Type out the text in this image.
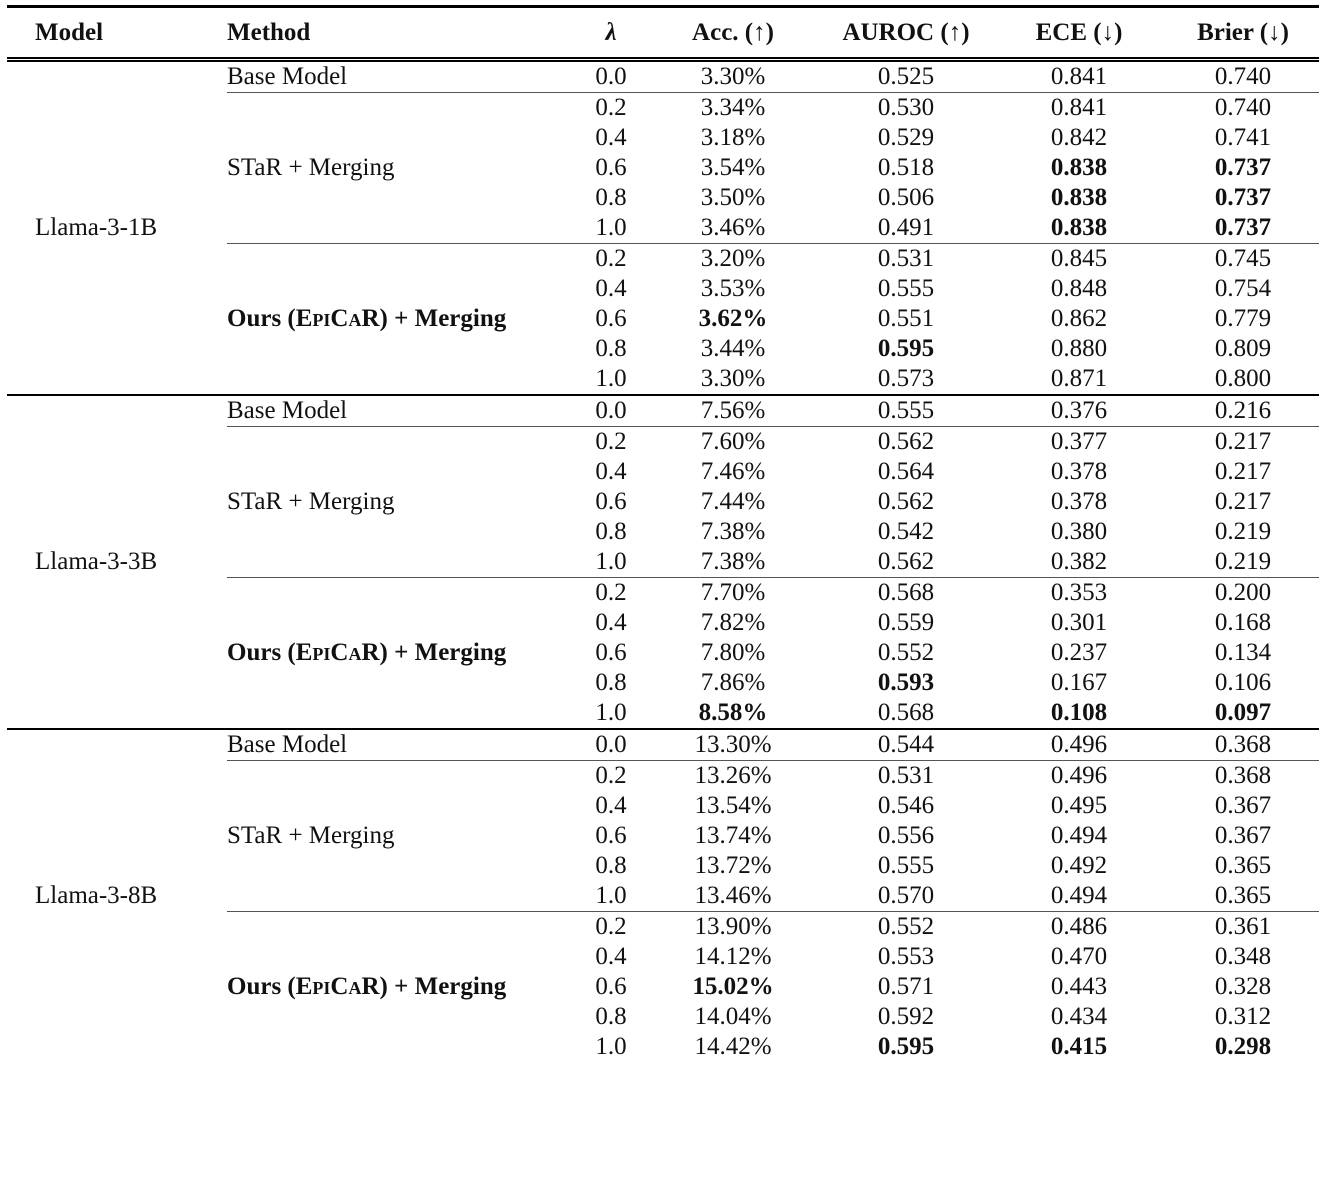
Model	Method	λ	Acc. (↑)	AUROC (↑)	ECE (↓)	Brier (↓)
Llama-3-1B	Base Model	0.0	3.30%	0.525	0.841	0.740
	STaR + Merging	0.2	3.34%	0.530	0.841	0.740
		0.4	3.18%	0.529	0.842	0.741
		0.6	3.54%	0.518	0.838	0.737
		0.8	3.50%	0.506	0.838	0.737
		1.0	3.46%	0.491	0.838	0.737
	Ours (EpiCaR) + Merging	0.2	3.20%	0.531	0.845	0.745
		0.4	3.53%	0.555	0.848	0.754
		0.6	3.62%	0.551	0.862	0.779
		0.8	3.44%	0.595	0.880	0.809
		1.0	3.30%	0.573	0.871	0.800
Llama-3-3B	Base Model	0.0	7.56%	0.555	0.376	0.216
	STaR + Merging	0.2	7.60%	0.562	0.377	0.217
		0.4	7.46%	0.564	0.378	0.217
		0.6	7.44%	0.562	0.378	0.217
		0.8	7.38%	0.542	0.380	0.219
		1.0	7.38%	0.562	0.382	0.219
	Ours (EpiCaR) + Merging	0.2	7.70%	0.568	0.353	0.200
		0.4	7.82%	0.559	0.301	0.168
		0.6	7.80%	0.552	0.237	0.134
		0.8	7.86%	0.593	0.167	0.106
		1.0	8.58%	0.568	0.108	0.097
Llama-3-8B	Base Model	0.0	13.30%	0.544	0.496	0.368
	STaR + Merging	0.2	13.26%	0.531	0.496	0.368
		0.4	13.54%	0.546	0.495	0.367
		0.6	13.74%	0.556	0.494	0.367
		0.8	13.72%	0.555	0.492	0.365
		1.0	13.46%	0.570	0.494	0.365
	Ours (EpiCaR) + Merging	0.2	13.90%	0.552	0.486	0.361
		0.4	14.12%	0.553	0.470	0.348
		0.6	15.02%	0.571	0.443	0.328
		0.8	14.04%	0.592	0.434	0.312
		1.0	14.42%	0.595	0.415	0.298
